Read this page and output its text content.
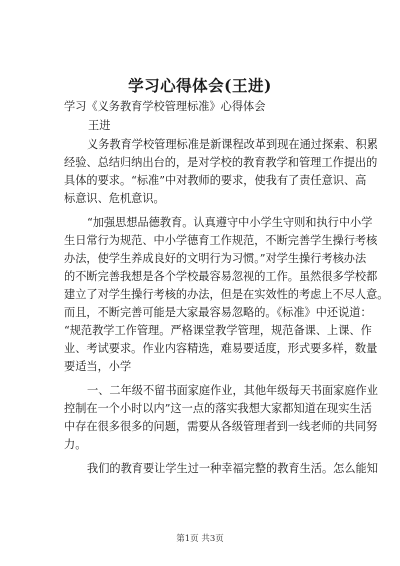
学习心得体会(王进)
学习《义务教育学校管理标准》心得体会
王进
义务教育学校管理标准是新课程改革到现在通过探索、积累
经验、总结归纳出台的，是对学校的教育教学和管理工作提出的
具体的要求。“标准”中对教师的要求，使我有了责任意识、高
标意识、危机意识。
“加强思想品德教育。认真遵守中小学生守则和执行中小学
生日常行为规范、中小学德育工作规范，不断完善学生操行考核
办法，使学生养成良好的文明行为习惯。”对学生操行考核办法
的不断完善我想是各个学校最容易忽视的工作。虽然很多学校都
建立了对学生操行考核的办法，但是在实效性的考虑上不尽人意。
而且，不断完善可能是大家最容易忽略的。《标准》中还说道：
“规范教学工作管理。严格课堂教学管理，规范备课、上课、作
业、考试要求。作业内容精选，难易要适度，形式要多样，数量
要适当，小学
一、二年级不留书面家庭作业，其他年级每天书面家庭作业
控制在一个小时以内”这一点的落实我想大家都知道在现实生活
中存在很多很多的问题，需要从各级管理者到一线老师的共同努
力。
我们的教育要让学生过一种幸福完整的教育生活。怎么能知
第1页 共3页
